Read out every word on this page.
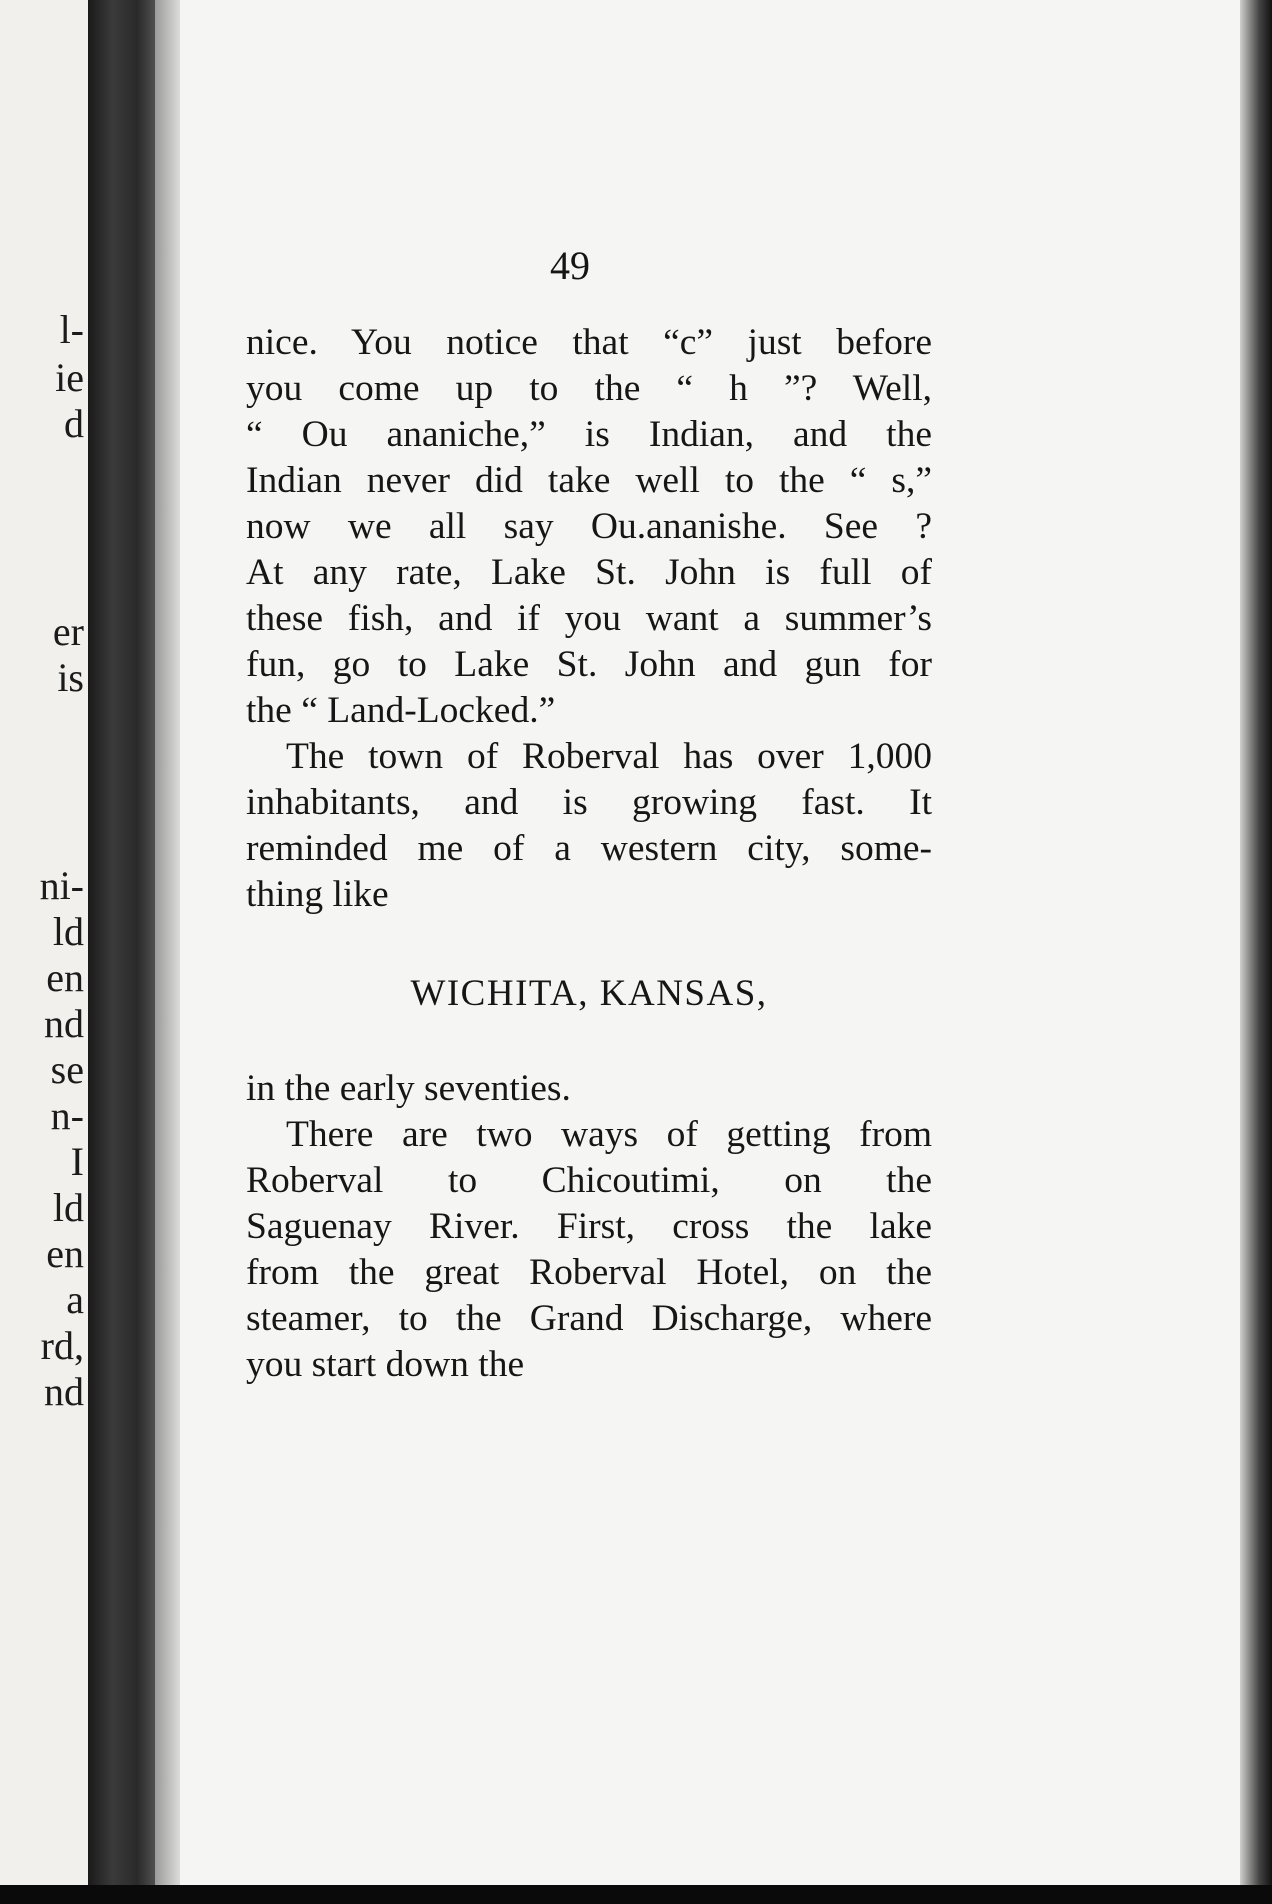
l-
ie
d
er
is
ni-
ld
en
nd
se
n-
I
ld
en
a
rd,
nd
49
nice. You notice that “c” just before
you come up to the “ h ”? Well,
“ Ou ananiche,” is Indian, and the
Indian never did take well to the “ s,”
now we all say Ou.ananishe. See ?
At any rate, Lake St. John is full of
these fish, and if you want a summer’s
fun, go to Lake St. John and gun for
the “ Land-Locked.”
The town of Roberval has over 1,000
inhabitants, and is growing fast. It
reminded me of a western city, some-
thing like
WICHITA, KANSAS,
in the early seventies.
There are two ways of getting from
Roberval to Chicoutimi, on the
Saguenay River. First, cross the lake
from the great Roberval Hotel, on the
steamer, to the Grand Discharge, where
you start down the
